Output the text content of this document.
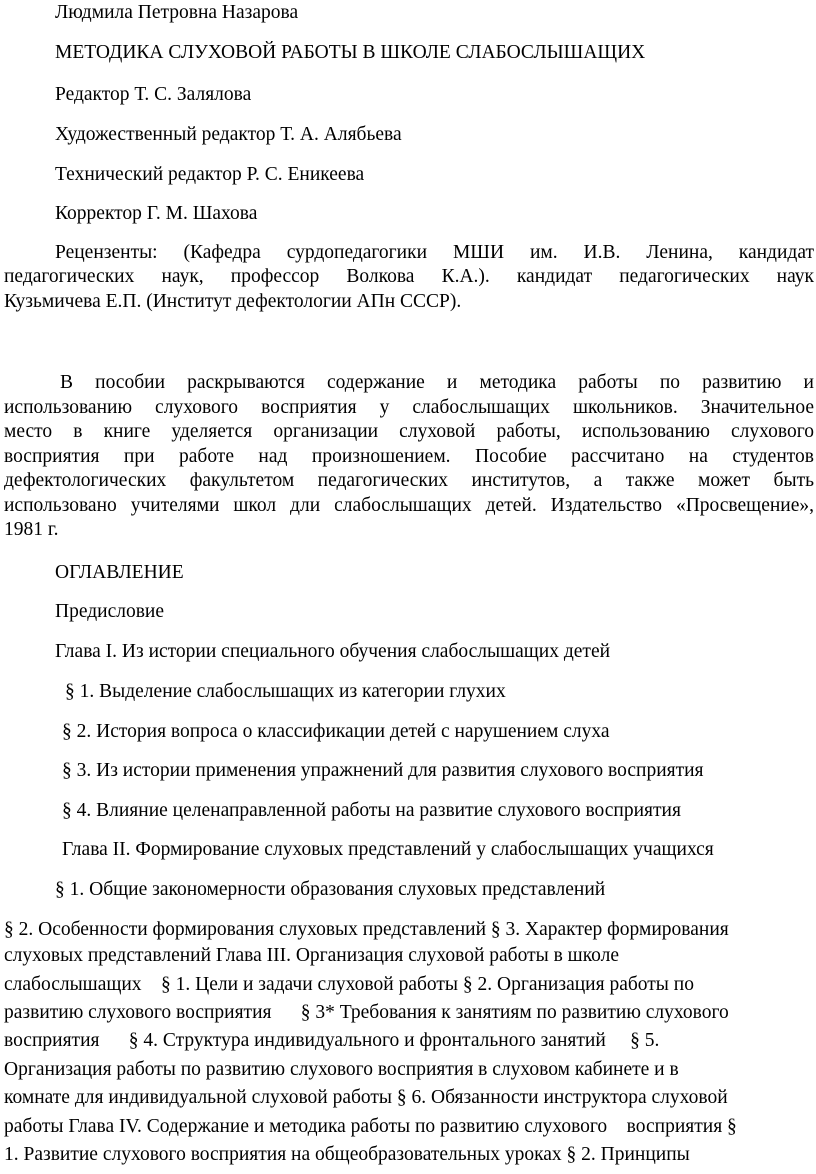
Людмила Петровна Назарова
МЕТОДИКА СЛУХОВОЙ РАБОТЫ В ШКОЛЕ СЛАБОСЛЫШАЩИХ
Редактор Т. С. Залялова
Художественный редактор Т. А. Алябьева
Технический редактор Р. С. Еникеева
Корректор Г. М. Шахова
Рецензенты: (Кафедра сурдопедагогики МШИ им. И.В. Ленина, кандидат
педагогических наук, профессор Волкова К.А.). кандидат педагогических наук
Кузьмичева Е.П. (Институт дефектологии АПн СССР).
В пособии раскрываются содержание и методика работы по развитию и
использованию слухового восприятия у слабослышащих школьников. Значительное
место в книге уделяется организации слуховой работы, использованию слухового
восприятия при работе над произношением. Пособие рассчитано на студентов
дефектологических факультетом педагогических институтов, а также может быть
использовано учителями школ дли слабослышащих детей. Издательство «Просвещение»,
1981 г.
ОГЛАВЛЕНИЕ
Предисловие
Глава I. Из истории специального обучения слабослышащих детей
§ 1. Выделение слабослышащих из категории глухих
§ 2. История вопроса о классификации детей с нарушением слуха
§ 3. Из истории применения упражнений для развития слухового восприятия
§ 4. Влияние целенаправленной работы на развитие слухового восприятия
Глава II. Формирование слуховых представлений у слабослышащих учащихся
§ 1. Общие закономерности образования слуховых представлений

§ 2. Особенности формирования слуховых представлений § 3. Характер формирования

слуховых представлений Глава III. Организация слуховой работы в школе

слабослышащих    § 1. Цели и задачи слуховой работы § 2. Организация работы по

развитию слухового восприятия      § 3* Требования к занятиям по развитию слухового

восприятия      § 4. Структура индивидуального и фронтального занятий     § 5.

Организация работы по развитию слухового восприятия в слуховом кабинете и в

комнате для индивидуальной слуховой работы § 6. Обязанности инструктора слуховой

работы Глава IV. Содержание и методика работы по развитию слухового    восприятия §

1. Развитие слухового восприятия на общеобразовательных уроках § 2. Принципы
